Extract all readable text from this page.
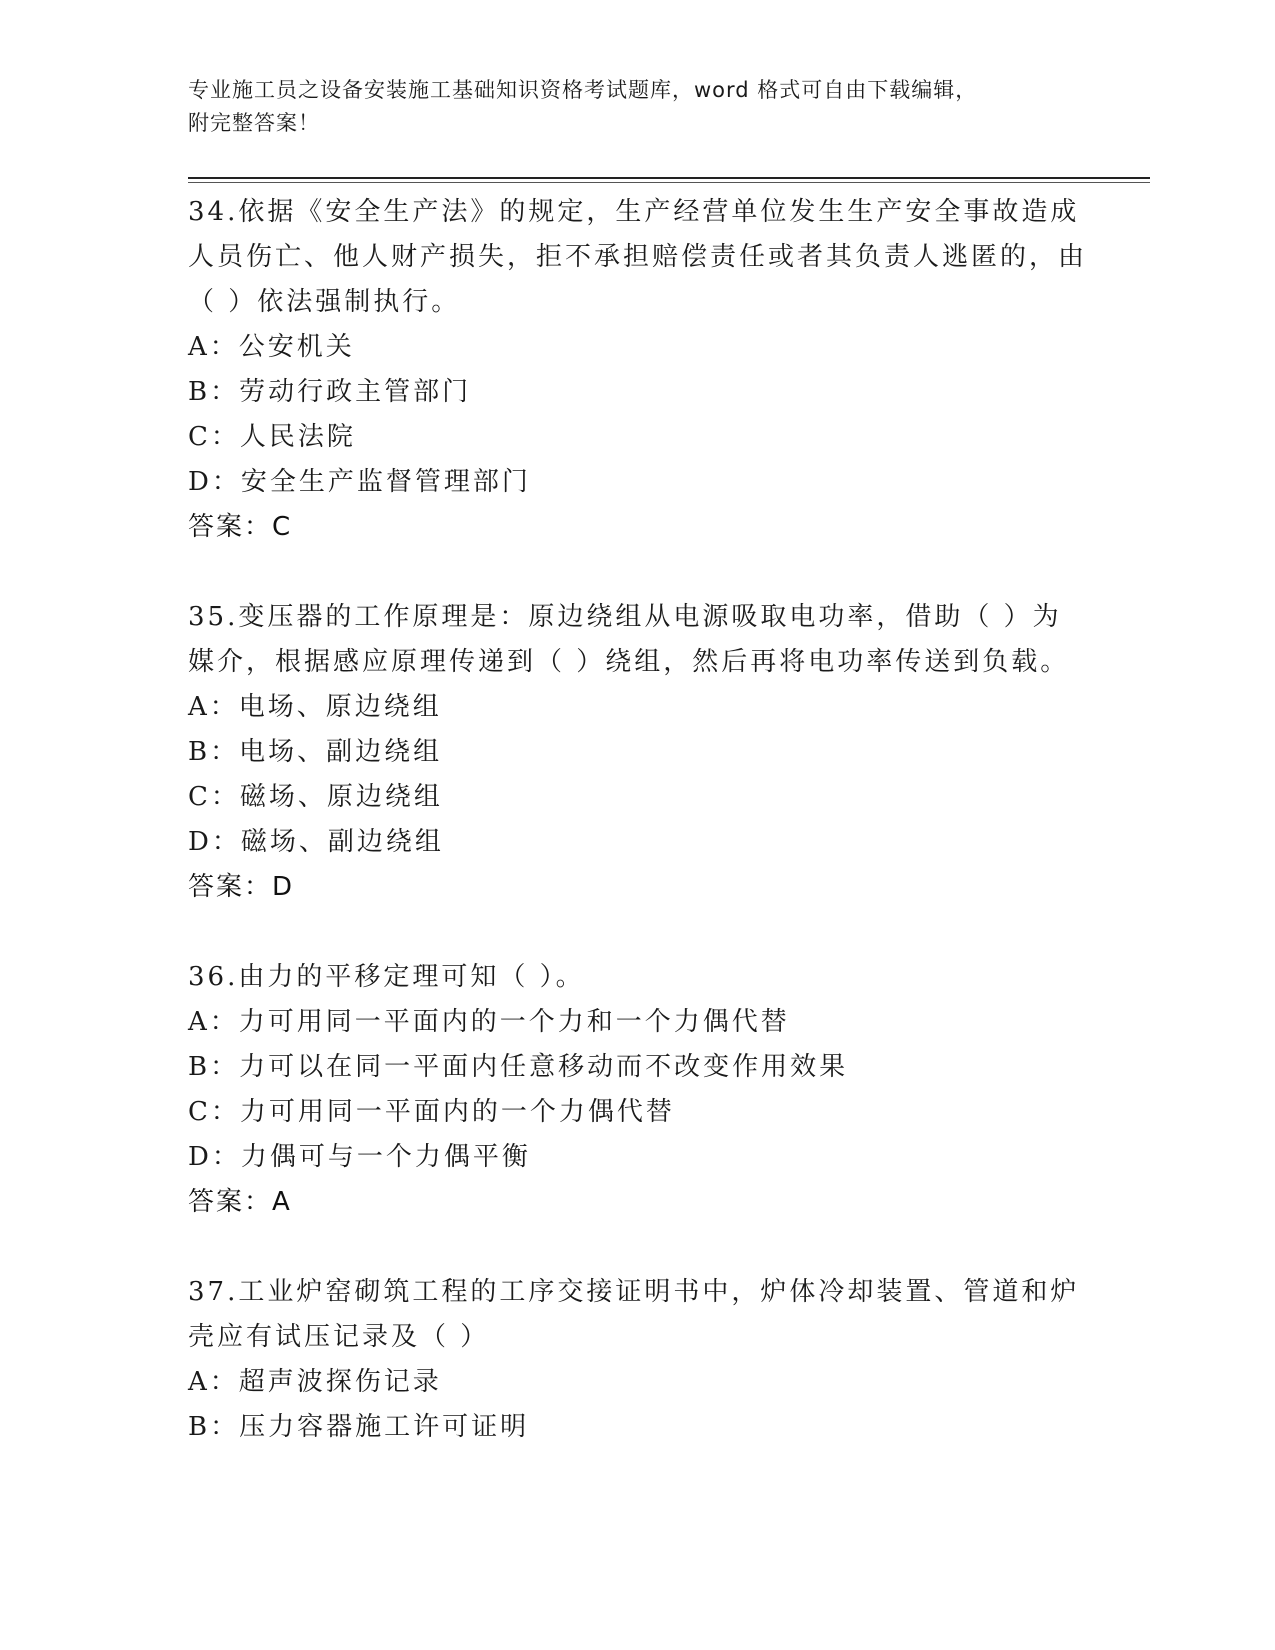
专业施工员之设备安装施工基础知识资格考试题库，word 格式可自由下载编辑，
附完整答案！

34.依据《安全生产法》的规定，生产经营单位发生生产安全事故造成人员伤亡、他人财产损失，拒不承担赔偿责任或者其负责人逃匿的，由（ ）依法强制执行。

A：公安机关

B：劳动行政主管部门

C：人民法院

D：安全生产监督管理部门

答案：C

35.变压器的工作原理是：原边绕组从电源吸取电功率，借助（ ）为媒介，根据感应原理传递到（ ）绕组，然后再将电功率传送到负载。

A：电场、原边绕组

B：电场、副边绕组

C：磁场、原边绕组

D：磁场、副边绕组

答案：D

36.由力的平移定理可知（ ）。

A：力可用同一平面内的一个力和一个力偶代替

B：力可以在同一平面内任意移动而不改变作用效果

C：力可用同一平面内的一个力偶代替

D：力偶可与一个力偶平衡

答案：A

37.工业炉窑砌筑工程的工序交接证明书中，炉体冷却装置、管道和炉壳应有试压记录及（ ）

A：超声波探伤记录

B：压力容器施工许可证明
